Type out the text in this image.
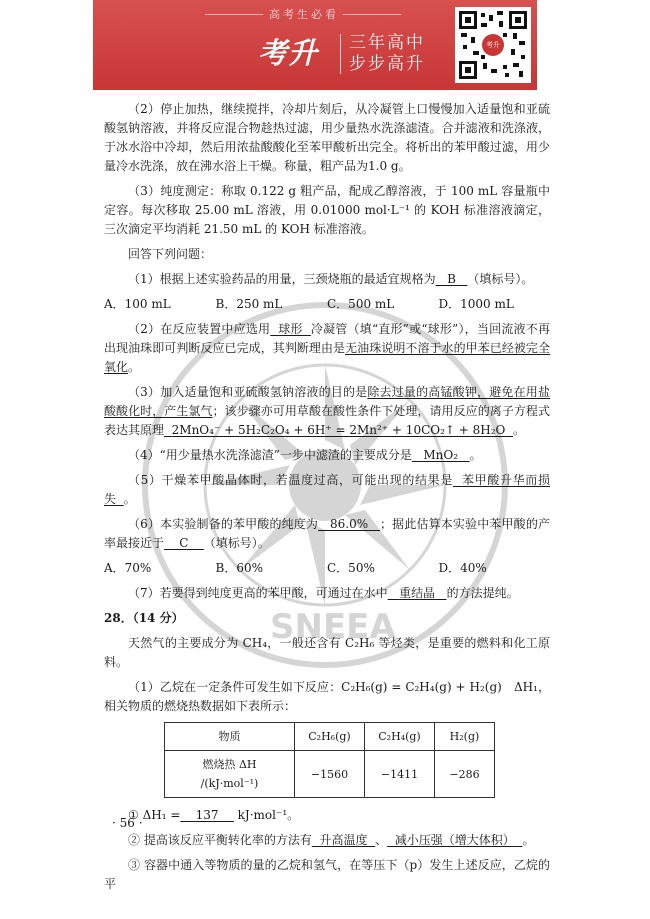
高考生必看
考升	三年高中
步步高升
考升
SNEEA

（2）停止加热，继续搅拌，冷却片刻后，从冷凝管上口慢慢加入适量饱和亚硫酸氢钠溶液，并将反应混合物趁热过滤，用少量热水洗涤滤渣。合并滤液和洗涤液，于冰水浴中冷却，然后用浓盐酸酸化至苯甲酸析出完全。将析出的苯甲酸过滤，用少量冷水洗涤，放在沸水浴上干燥。称量，粗产品为1.0 g。

（3）纯度测定：称取 0.122 g 粗产品，配成乙醇溶液，于 100 mL 容量瓶中定容。每次移取 25.00 mL 溶液，用 0.01000 mol·L⁻¹ 的 KOH 标准溶液滴定，三次滴定平均消耗 21.50 mL 的 KOH 标准溶液。

回答下列问题：

（1）根据上述实验药品的用量，三颈烧瓶的最适宜规格为 B （填标号）。

A．100 mL	B．250 mL	C．500 mL	D．1000 mL

（2）在反应装置中应选用 球形 冷凝管（填“直形”或“球形”），当回流液不再出现油珠即可判断反应已完成，其判断理由是无油珠说明不溶于水的甲苯已经被完全氧化。

（3）加入适量饱和亚硫酸氢钠溶液的目的是除去过量的高锰酸钾，避免在用盐酸酸化时，产生氯气；该步骤亦可用草酸在酸性条件下处理，请用反应的离子方程式表达其原理 2MnO₄⁻ + 5H₂C₂O₄ + 6H⁺ = 2Mn²⁺ + 10CO₂↑ + 8H₂O 。

（4）“用少量热水洗涤滤渣”一步中滤渣的主要成分是 MnO₂ 。

（5）干燥苯甲酸晶体时，若温度过高，可能出现的结果是 苯甲酸升华而损失 。

（6）本实验制备的苯甲酸的纯度为 86.0% ；据此估算本实验中苯甲酸的产率最接近于 C （填标号）。

A．70%	B．60%	C．50%	D．40%

（7）若要得到纯度更高的苯甲酸，可通过在水中 重结晶 的方法提纯。

28．（14 分）

天然气的主要成分为 CH₄，一般还含有 C₂H₆ 等烃类，是重要的燃料和化工原料。

（1）乙烷在一定条件可发生如下反应：C₂H₆(g) = C₂H₄(g) + H₂(g)　ΔH₁，相关物质的燃烧热数据如下表所示：

物质	C₂H₆(g)	C₂H₄(g)	H₂(g)
燃烧热 ΔH /(kJ·mol⁻¹)	−1560	−1411	−286

① ΔH₁ = 137 kJ·mol⁻¹。

② 提高该反应平衡转化率的方法有 升高温度 、 减小压强（增大体积） 。

③ 容器中通入等物质的量的乙烷和氢气，在等压下（p）发生上述反应，乙烷的平

· 56 ·
